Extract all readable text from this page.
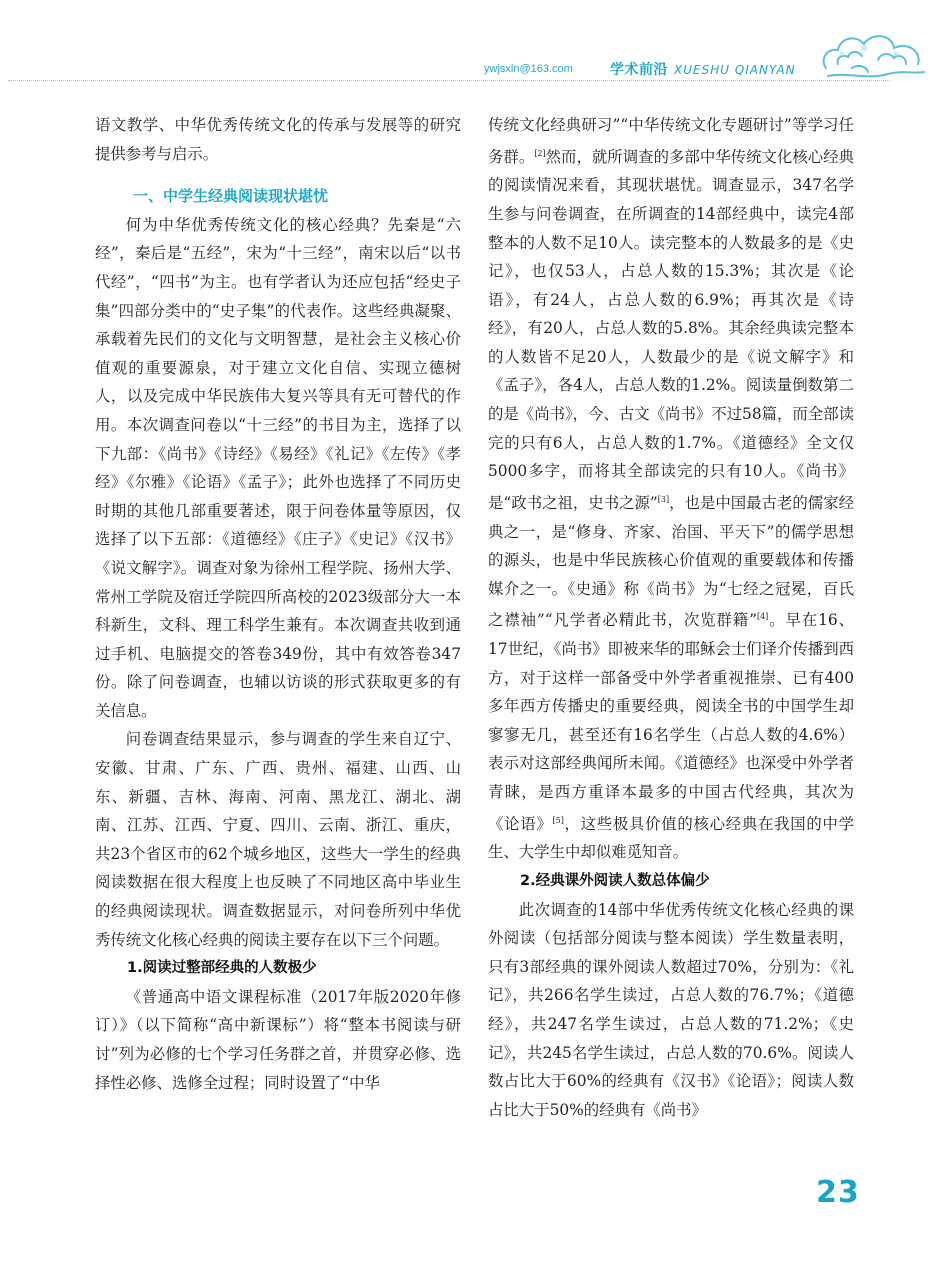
ywjsxln@163.com	学术前沿 XUESHU QIANYAN

语文教学、中华优秀传统文化的传承与发展等的研究提供参考与启示。

一、中学生经典阅读现状堪忧

何为中华优秀传统文化的核心经典？先秦是“六经”，秦后是“五经”，宋为“十三经”，南宋以后“以书代经”，“四书”为主。也有学者认为还应包括“经史子集”四部分类中的“史子集”的代表作。这些经典凝聚、承载着先民们的文化与文明智慧，是社会主义核心价值观的重要源泉，对于建立文化自信、实现立德树人，以及完成中华民族伟大复兴等具有无可替代的作用。本次调查问卷以“十三经”的书目为主，选择了以下九部：《尚书》《诗经》《易经》《礼记》《左传》《孝经》《尔雅》《论语》《孟子》；此外也选择了不同历史时期的其他几部重要著述，限于问卷体量等原因，仅选择了以下五部：《道德经》《庄子》《史记》《汉书》《说文解字》。调查对象为徐州工程学院、扬州大学、常州工学院及宿迁学院四所高校的2023级部分大一本科新生，文科、理工科学生兼有。本次调查共收到通过手机、电脑提交的答卷349份，其中有效答卷347份。除了问卷调查，也辅以访谈的形式获取更多的有关信息。

问卷调查结果显示，参与调查的学生来自辽宁、安徽、甘肃、广东、广西、贵州、福建、山西、山东、新疆、吉林、海南、河南、黑龙江、湖北、湖南、江苏、江西、宁夏、四川、云南、浙江、重庆，共23个省区市的62个城乡地区，这些大一学生的经典阅读数据在很大程度上也反映了不同地区高中毕业生的经典阅读现状。调查数据显示，对问卷所列中华优秀传统文化核心经典的阅读主要存在以下三个问题。

1.阅读过整部经典的人数极少

《普通高中语文课程标准（2017年版2020年修订）》（以下简称“高中新课标”）将“整本书阅读与研讨”列为必修的七个学习任务群之首，并贯穿必修、选择性必修、选修全过程；同时设置了“中华

传统文化经典研习”“中华传统文化专题研讨”等学习任务群。[2]然而，就所调查的多部中华传统文化核心经典的阅读情况来看，其现状堪忧。调查显示，347名学生参与问卷调查，在所调查的14部经典中，读完4部整本的人数不足10人。读完整本的人数最多的是《史记》，也仅53人，占总人数的15.3%；其次是《论语》，有24人，占总人数的6.9%；再其次是《诗经》，有20人，占总人数的5.8%。其余经典读完整本的人数皆不足20人，人数最少的是《说文解字》和《孟子》，各4人，占总人数的1.2%。阅读量倒数第二的是《尚书》，今、古文《尚书》不过58篇，而全部读完的只有6人，占总人数的1.7%。《道德经》全文仅5000多字，而将其全部读完的只有10人。《尚书》是“政书之祖，史书之源”[3]，也是中国最古老的儒家经典之一，是“修身、齐家、治国、平天下”的儒学思想的源头，也是中华民族核心价值观的重要载体和传播媒介之一。《史通》称《尚书》为“七经之冠冕，百氏之襟袖”“凡学者必精此书，次览群籍”[4]。早在16、17世纪，《尚书》即被来华的耶稣会士们译介传播到西方，对于这样一部备受中外学者重视推崇、已有400多年西方传播史的重要经典，阅读全书的中国学生却寥寥无几，甚至还有16名学生（占总人数的4.6%）表示对这部经典闻所未闻。《道德经》也深受中外学者青睐，是西方重译本最多的中国古代经典，其次为《论语》[5]，这些极具价值的核心经典在我国的中学生、大学生中却似难觅知音。

2.经典课外阅读人数总体偏少

此次调查的14部中华优秀传统文化核心经典的课外阅读（包括部分阅读与整本阅读）学生数量表明，只有3部经典的课外阅读人数超过70%，分别为：《礼记》，共266名学生读过，占总人数的76.7%；《道德经》，共247名学生读过，占总人数的71.2%；《史记》，共245名学生读过，占总人数的70.6%。阅读人数占比大于60%的经典有《汉书》《论语》；阅读人数占比大于50%的经典有《尚书》

23
